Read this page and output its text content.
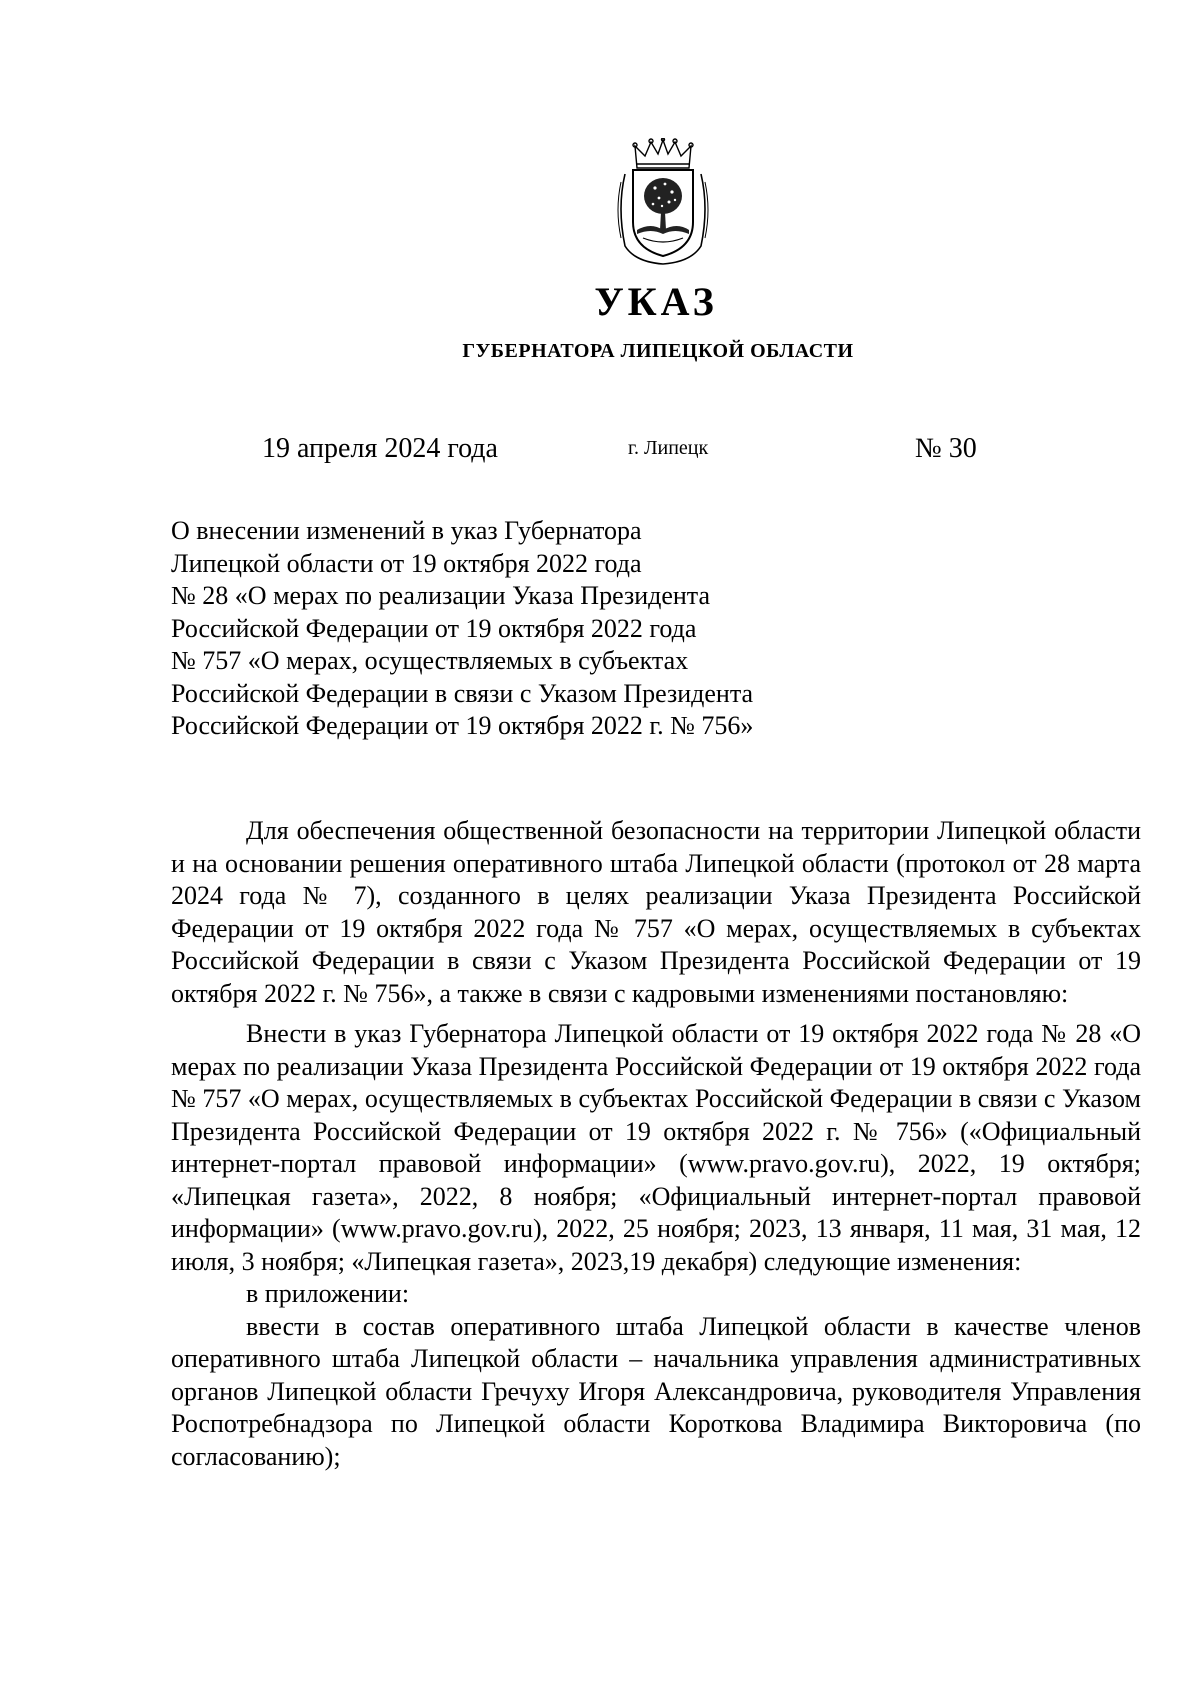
УКАЗ
ГУБЕРНАТОРА ЛИПЕЦКОЙ ОБЛАСТИ
19 апреля 2024 года	г. Липецк	№ 30
О внесении изменений в указ Губернатора
Липецкой области от 19 октября 2022 года
№ 28 «О мерах по реализации Указа Президента
Российской Федерации от 19 октября 2022 года
№ 757 «О мерах, осуществляемых в субъектах
Российской Федерации в связи с Указом Президента
Российской Федерации от 19 октября 2022 г. № 756»

Для обеспечения общественной безопасности на территории Липецкой области и на основании решения оперативного штаба Липецкой области (протокол от 28 марта 2024 года № 7), созданного в целях реализации Указа Президента Российской Федерации от 19 октября 2022 года № 757 «О мерах, осуществляемых в субъектах Российской Федерации в связи с Указом Президента Российской Федерации от 19 октября 2022 г. № 756», а также в связи с кадровыми изменениями постановляю:

Внести в указ Губернатора Липецкой области от 19 октября 2022 года № 28 «О мерах по реализации Указа Президента Российской Федерации от 19 октября 2022 года № 757 «О мерах, осуществляемых в субъектах Российской Федерации в связи с Указом Президента Российской Федерации от 19 октября 2022 г. № 756» («Официальный интернет-портал правовой информации» (www.pravo.gov.ru), 2022, 19 октября; «Липецкая газета», 2022, 8 ноября; «Официальный интернет-портал правовой информации» (www.pravo.gov.ru), 2022, 25 ноября; 2023, 13 января, 11 мая, 31 мая, 12 июля, 3 ноября; «Липецкая газета», 2023,19 декабря) следующие изменения:

в приложении:

ввести в состав оперативного штаба Липецкой области в качестве членов оперативного штаба Липецкой области – начальника управления административных органов Липецкой области Гречуху Игоря Александровича, руководителя Управления Роспотребнадзора по Липецкой области Короткова Владимира Викторовича (по согласованию);
